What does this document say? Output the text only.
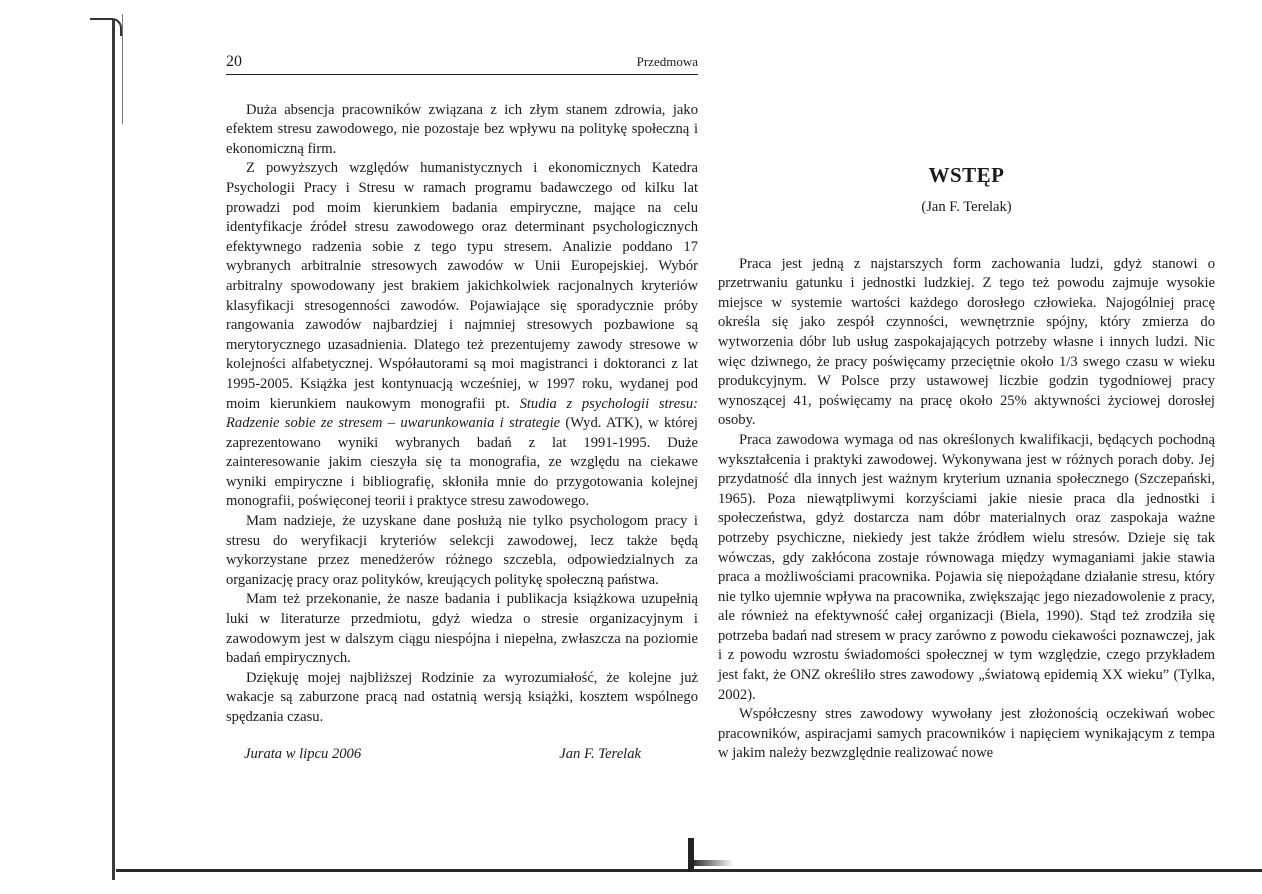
20	Przedmowa

Duża absencja pracowników związana z ich złym stanem zdrowia, jako efektem stresu zawodowego, nie pozostaje bez wpływu na politykę społeczną i ekonomiczną firm.

Z powyższych względów humanistycznych i ekonomicznych Katedra Psychologii Pracy i Stresu w ramach programu badawczego od kilku lat prowadzi pod moim kierunkiem badania empiryczne, mające na celu identyfikacje źródeł stresu zawodowego oraz determinant psychologicznych efektywnego radzenia sobie z tego typu stresem. Analizie poddano 17 wybranych arbitralnie stresowych zawodów w Unii Europejskiej. Wybór arbitralny spowodowany jest brakiem jakichkolwiek racjonalnych kryteriów klasyfikacji stresogenności zawodów. Pojawiające się sporadycznie próby rangowania zawodów najbardziej i najmniej stresowych pozbawione są merytorycznego uzasadnienia. Dlatego też prezentujemy zawody stresowe w kolejności alfabetycznej. Współautorami są moi magistranci i doktoranci z lat 1995-2005. Książka jest kontynuacją wcześniej, w 1997 roku, wydanej pod moim kierunkiem naukowym monografii pt. Studia z psychologii stresu: Radzenie sobie ze stresem – uwarunkowania i strategie (Wyd. ATK), w której zaprezentowano wyniki wybranych badań z lat 1991-1995. Duże zainteresowanie jakim cieszyła się ta monografia, ze względu na ciekawe wyniki empiryczne i bibliografię, skłoniła mnie do przygotowania kolejnej monografii, poświęconej teorii i praktyce stresu zawodowego.

Mam nadzieje, że uzyskane dane posłużą nie tylko psychologom pracy i stresu do weryfikacji kryteriów selekcji zawodowej, lecz także będą wykorzystane przez menedżerów różnego szczebla, odpowiedzialnych za organizację pracy oraz polityków, kreujących politykę społeczną państwa.

Mam też przekonanie, że nasze badania i publikacja książkowa uzupełnią luki w literaturze przedmiotu, gdyż wiedza o stresie organizacyjnym i zawodowym jest w dalszym ciągu niespójna i niepełna, zwłaszcza na poziomie badań empirycznych.

Dziękuję mojej najbliższej Rodzinie za wyrozumiałość, że kolejne już wakacje są zaburzone pracą nad ostatnią wersją książki, kosztem wspólnego spędzania czasu.

Jurata w lipcu 2006	Jan F. Terelak
WSTĘP
(Jan F. Terelak)

Praca jest jedną z najstarszych form zachowania ludzi, gdyż stanowi o przetrwaniu gatunku i jednostki ludzkiej. Z tego też powodu zajmuje wysokie miejsce w systemie wartości każdego dorosłego człowieka. Najogólniej pracę określa się jako zespół czynności, wewnętrznie spójny, który zmierza do wytworzenia dóbr lub usług zaspokajających potrzeby własne i innych ludzi. Nic więc dziwnego, że pracy poświęcamy przeciętnie około 1/3 swego czasu w wieku produkcyjnym. W Polsce przy ustawowej liczbie godzin tygodniowej pracy wynoszącej 41, poświęcamy na pracę około 25% aktywności życiowej dorosłej osoby.

Praca zawodowa wymaga od nas określonych kwalifikacji, będących pochodną wykształcenia i praktyki zawodowej. Wykonywana jest w różnych porach doby. Jej przydatność dla innych jest ważnym kryterium uznania społecznego (Szczepański, 1965). Poza niewątpliwymi korzyściami jakie niesie praca dla jednostki i społeczeństwa, gdyż dostarcza nam dóbr materialnych oraz zaspokaja ważne potrzeby psychiczne, niekiedy jest także źródłem wielu stresów. Dzieje się tak wówczas, gdy zakłócona zostaje równowaga między wymaganiami jakie stawia praca a możliwościami pracownika. Pojawia się niepożądane działanie stresu, który nie tylko ujemnie wpływa na pracownika, zwiększając jego niezadowolenie z pracy, ale również na efektywność całej organizacji (Biela, 1990). Stąd też zrodziła się potrzeba badań nad stresem w pracy zarówno z powodu ciekawości poznawczej, jak i z powodu wzrostu świadomości społecznej w tym względzie, czego przykładem jest fakt, że ONZ określiło stres zawodowy „światową epidemią XX wieku” (Tylka, 2002).

Współczesny stres zawodowy wywołany jest złożonością oczekiwań wobec pracowników, aspiracjami samych pracowników i napięciem wynikającym z tempa w jakim należy bezwzględnie realizować nowe
